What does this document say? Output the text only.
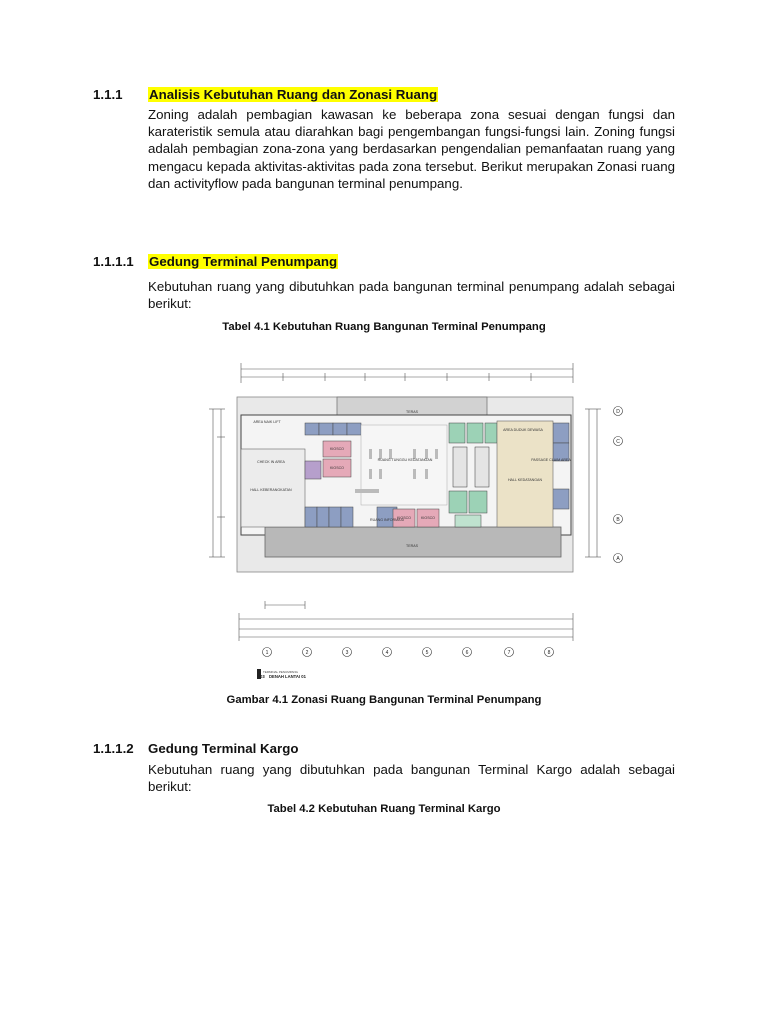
1.1.1	Analisis Kebutuhan Ruang dan Zonasi Ruang

Zoning adalah pembagian kawasan ke beberapa zona sesuai dengan fungsi dan karateristik semula atau diarahkan bagi pengembangan fungsi-fungsi lain. Zoning fungsi adalah pembagian zona-zona yang berdasarkan pengendalian pemanfaatan ruang yang mengacu kepada aktivitas-aktivitas pada zona tersebut. Berikut merupakan Zonasi ruang dan activityflow pada bangunan terminal penumpang.

1.1.1.1	Gedung Terminal Penumpang

Kebutuhan ruang yang dibutuhkan pada bangunan terminal penumpang adalah sebagai berikut:

Tabel 4.1 Kebutuhan Ruang Bangunan Terminal Penumpang
AREA NAIK LIFT
AREA DUDUK DEWASA
CHECK IN AREA
KIOSCO
KIOSCO
KIOSCO	KIOSCO
RUANG TUNGGU KEDATANGAN
HALL KEBERANGKATAN
HALL KEDATANGAN
PASSAGE CLAIM AREA
RUANG INFORMASI
TERAS
TERAS
1	2	3	4	5	6	7	8
TERMINAL PENUMPANG
A03 DENAH LANTAI 01
D
C
B
A
Gambar 4.1 Zonasi Ruang Bangunan Terminal Penumpang
1.1.1.2	Gedung Terminal Kargo

Kebutuhan ruang yang dibutuhkan pada bangunan Terminal Kargo adalah sebagai berikut:

Tabel 4.2 Kebutuhan Ruang Terminal Kargo
